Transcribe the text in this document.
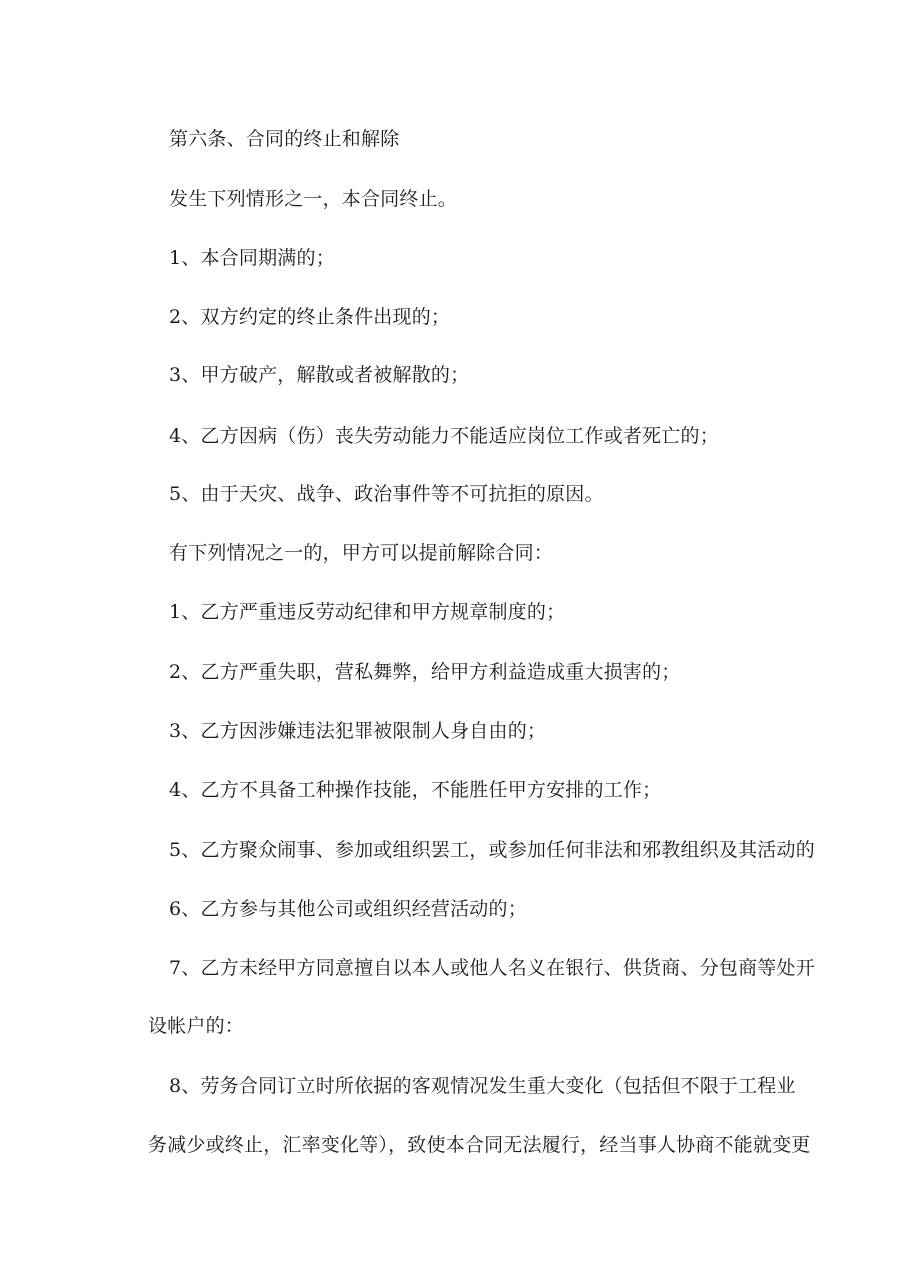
第六条、合同的终止和解除
发生下列情形之一，本合同终止。
1、本合同期满的；
2、双方约定的终止条件出现的；
3、甲方破产，解散或者被解散的；
4、乙方因病（伤）丧失劳动能力不能适应岗位工作或者死亡的；
5、由于天灾、战争、政治事件等不可抗拒的原因。
有下列情况之一的，甲方可以提前解除合同：
1、乙方严重违反劳动纪律和甲方规章制度的；
2、乙方严重失职，营私舞弊，给甲方利益造成重大损害的；
3、乙方因涉嫌违法犯罪被限制人身自由的；
4、乙方不具备工种操作技能，不能胜任甲方安排的工作；
5、乙方聚众闹事、参加或组织罢工，或参加任何非法和邪教组织及其活动的
6、乙方参与其他公司或组织经营活动的；
7、乙方未经甲方同意擅自以本人或他人名义在银行、供货商、分包商等处开
设帐户的：
8、劳务合同订立时所依据的客观情况发生重大变化（包括但不限于工程业
务减少或终止，汇率变化等），致使本合同无法履行，经当事人协商不能就变更
